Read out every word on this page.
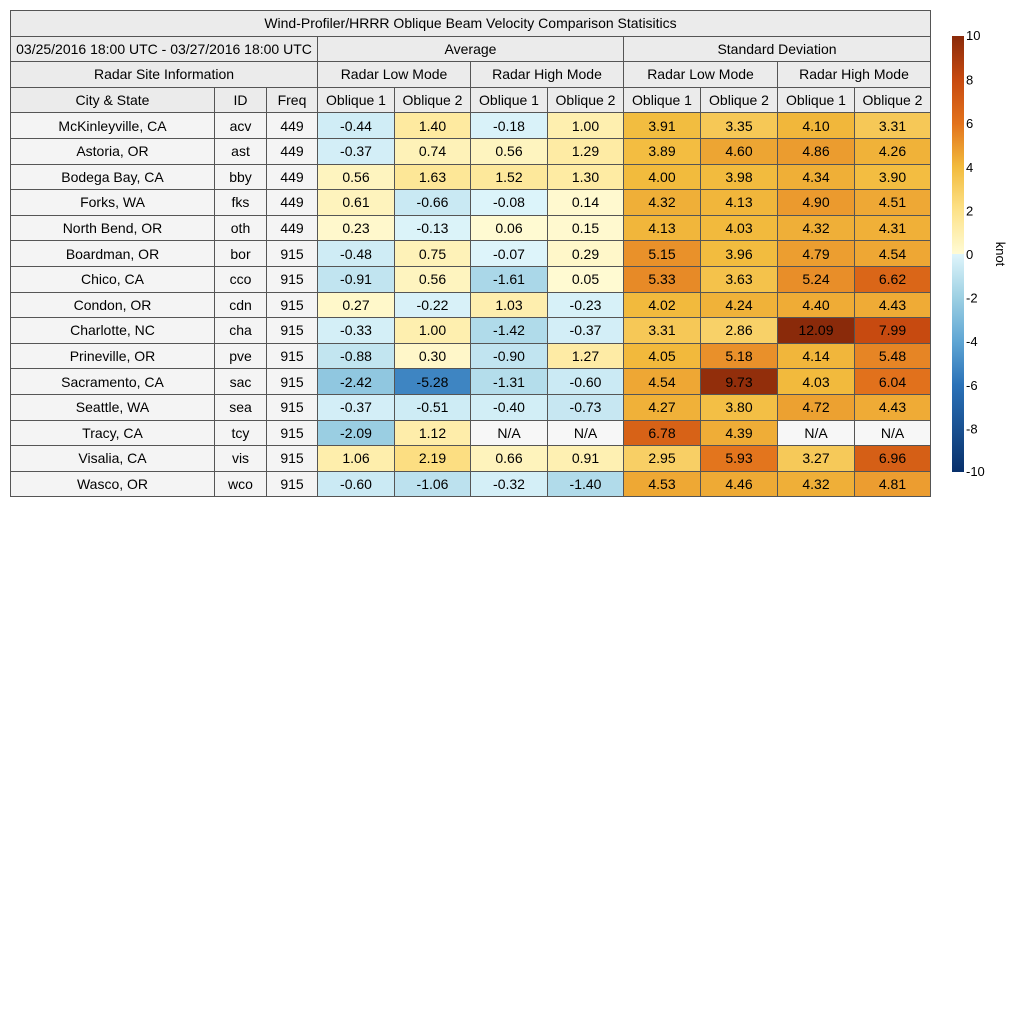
Wind-Profiler/HRRR Oblique Beam Velocity Comparison Statisitics										
03/25/2016 18:00 UTC - 03/27/2016 18:00 UTC			Average				Standard Deviation			
Radar Site Information			Radar Low Mode		Radar High Mode		Radar Low Mode		Radar High Mode	
City & State	ID	Freq	Oblique 1	Oblique 2	Oblique 1	Oblique 2	Oblique 1	Oblique 2	Oblique 1	Oblique 2
McKinleyville, CA	acv	449	-0.44	1.40	-0.18	1.00	3.91	3.35	4.10	3.31
Astoria, OR	ast	449	-0.37	0.74	0.56	1.29	3.89	4.60	4.86	4.26
Bodega Bay, CA	bby	449	0.56	1.63	1.52	1.30	4.00	3.98	4.34	3.90
Forks, WA	fks	449	0.61	-0.66	-0.08	0.14	4.32	4.13	4.90	4.51
North Bend, OR	oth	449	0.23	-0.13	0.06	0.15	4.13	4.03	4.32	4.31
Boardman, OR	bor	915	-0.48	0.75	-0.07	0.29	5.15	3.96	4.79	4.54
Chico, CA	cco	915	-0.91	0.56	-1.61	0.05	5.33	3.63	5.24	6.62
Condon, OR	cdn	915	0.27	-0.22	1.03	-0.23	4.02	4.24	4.40	4.43
Charlotte, NC	cha	915	-0.33	1.00	-1.42	-0.37	3.31	2.86	12.09	7.99
Prineville, OR	pve	915	-0.88	0.30	-0.90	1.27	4.05	5.18	4.14	5.48
Sacramento, CA	sac	915	-2.42	-5.28	-1.31	-0.60	4.54	9.73	4.03	6.04
Seattle, WA	sea	915	-0.37	-0.51	-0.40	-0.73	4.27	3.80	4.72	4.43
Tracy, CA	tcy	915	-2.09	1.12	N/A	N/A	6.78	4.39	N/A	N/A
Visalia, CA	vis	915	1.06	2.19	0.66	0.91	2.95	5.93	3.27	6.96
Wasco, OR	wco	915	-0.60	-1.06	-0.32	-1.40	4.53	4.46	4.32	4.81
10
8
6
4
2
0
-2
-4
-6
-8
-10
knot
